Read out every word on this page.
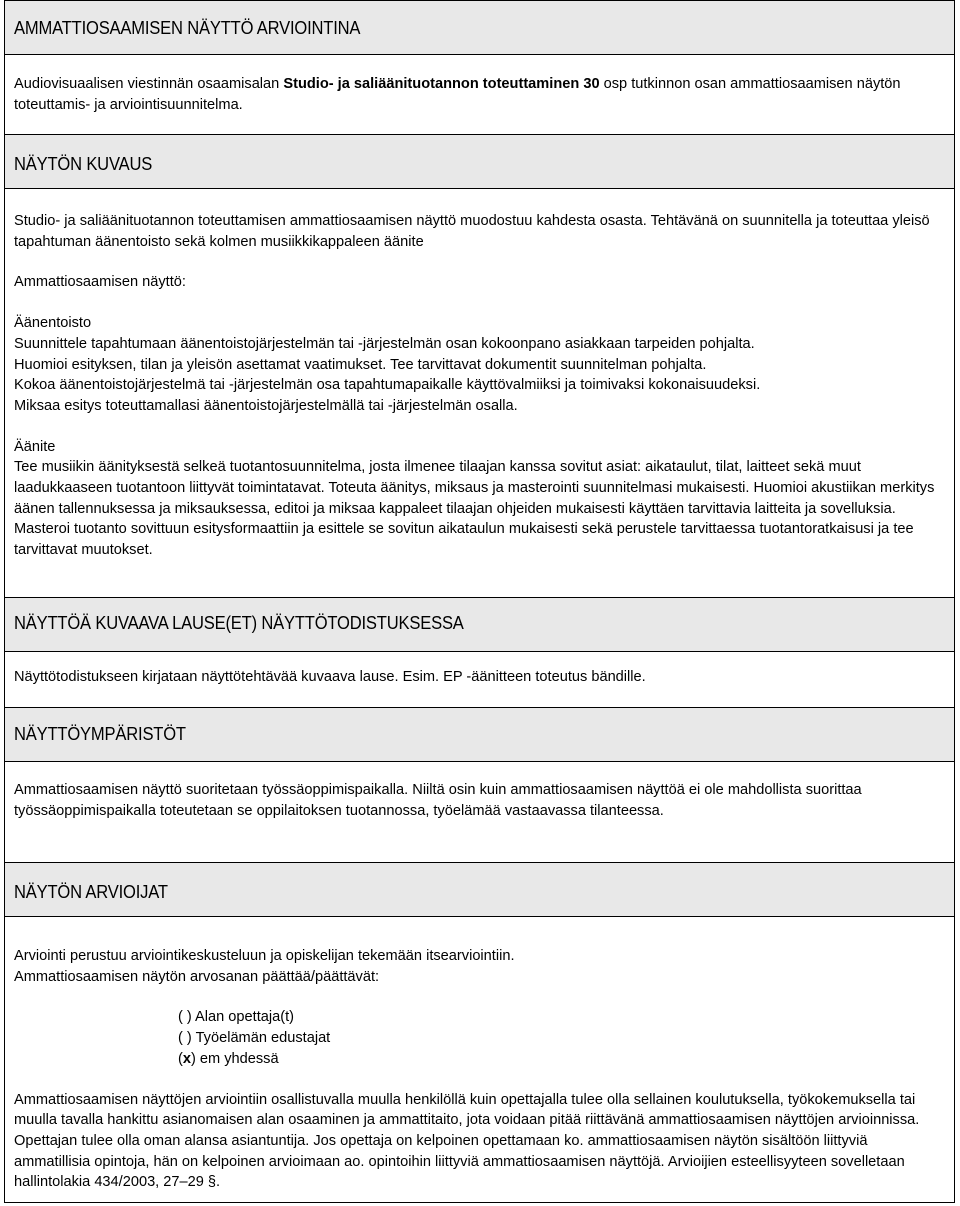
AMMATTIOSAAMISEN NÄYTTÖ ARVIOINTINA
Audiovisuaalisen viestinnän osaamisalan Studio- ja saliäänituotannon toteuttaminen 30 osp tutkinnon osan ammattiosaamisen näytön toteuttamis- ja arviointisuunnitelma.
NÄYTÖN KUVAUS

Studio- ja saliäänituotannon toteuttamisen ammattiosaamisen näyttö muodostuu kahdesta osasta. Tehtävänä on suunnitella ja toteuttaa yleisö tapahtuman äänentoisto sekä kolmen musiikkikappaleen äänite

Ammattiosaamisen näyttö:

Äänentoisto

Suunnittele tapahtumaan äänentoistojärjestelmän tai -järjestelmän osan kokoonpano asiakkaan tarpeiden pohjalta.

Huomioi esityksen, tilan ja yleisön asettamat vaatimukset. Tee tarvittavat dokumentit suunnitelman pohjalta.

Kokoa äänentoistojärjestelmä tai -järjestelmän osa tapahtumapaikalle käyttövalmiiksi ja toimivaksi kokonaisuudeksi.

Miksaa esitys toteuttamallasi äänentoistojärjestelmällä tai -järjestelmän osalla.

Äänite

Tee musiikin äänityksestä selkeä tuotantosuunnitelma, josta ilmenee tilaajan kanssa sovitut asiat: aikataulut, tilat, laitteet sekä muut laadukkaaseen tuotantoon liittyvät toimintatavat. Toteuta äänitys, miksaus ja masterointi suunnitelmasi mukaisesti. Huomioi akustiikan merkitys äänen tallennuksessa ja miksauksessa, editoi ja miksaa kappaleet tilaajan ohjeiden mukaisesti käyttäen tarvittavia laitteita ja sovelluksia. Masteroi tuotanto sovittuun esitysformaattiin ja esittele se sovitun aikataulun mukaisesti sekä perustele tarvittaessa tuotantoratkaisusi ja tee tarvittavat muutokset.

NÄYTTÖÄ KUVAAVA LAUSE(ET) NÄYTTÖTODISTUKSESSA
Näyttötodistukseen kirjataan näyttötehtävää kuvaava lause. Esim. EP -äänitteen toteutus bändille.
NÄYTTÖYMPÄRISTÖT
Ammattiosaamisen näyttö suoritetaan työssäoppimispaikalla. Niiltä osin kuin ammattiosaamisen näyttöä ei ole mahdollista suorittaa työssäoppimispaikalla toteutetaan se oppilaitoksen tuotannossa, työelämää vastaavassa tilanteessa.
NÄYTÖN ARVIOIJAT

Arviointi perustuu arviointikeskusteluun ja opiskelijan tekemään itsearviointiin.

Ammattiosaamisen näytön arvosanan päättää/päättävät:

( ) Alan opettaja(t)

( ) Työelämän edustajat

(x) em yhdessä

Ammattiosaamisen näyttöjen arviointiin osallistuvalla muulla henkilöllä kuin opettajalla tulee olla sellainen koulutuksella, työkokemuksella tai muulla tavalla hankittu asianomaisen alan osaaminen ja ammattitaito, jota voidaan pitää riittävänä ammattiosaamisen näyttöjen arvioinnissa. Opettajan tulee olla oman alansa asiantuntija. Jos opettaja on kelpoinen opettamaan ko. ammattiosaamisen näytön sisältöön liittyviä ammatillisia opintoja, hän on kelpoinen arvioimaan ao. opintoihin liittyviä ammattiosaamisen näyttöjä. Arvioijien esteellisyyteen sovelletaan hallintolakia 434/2003, 27–29 §.
